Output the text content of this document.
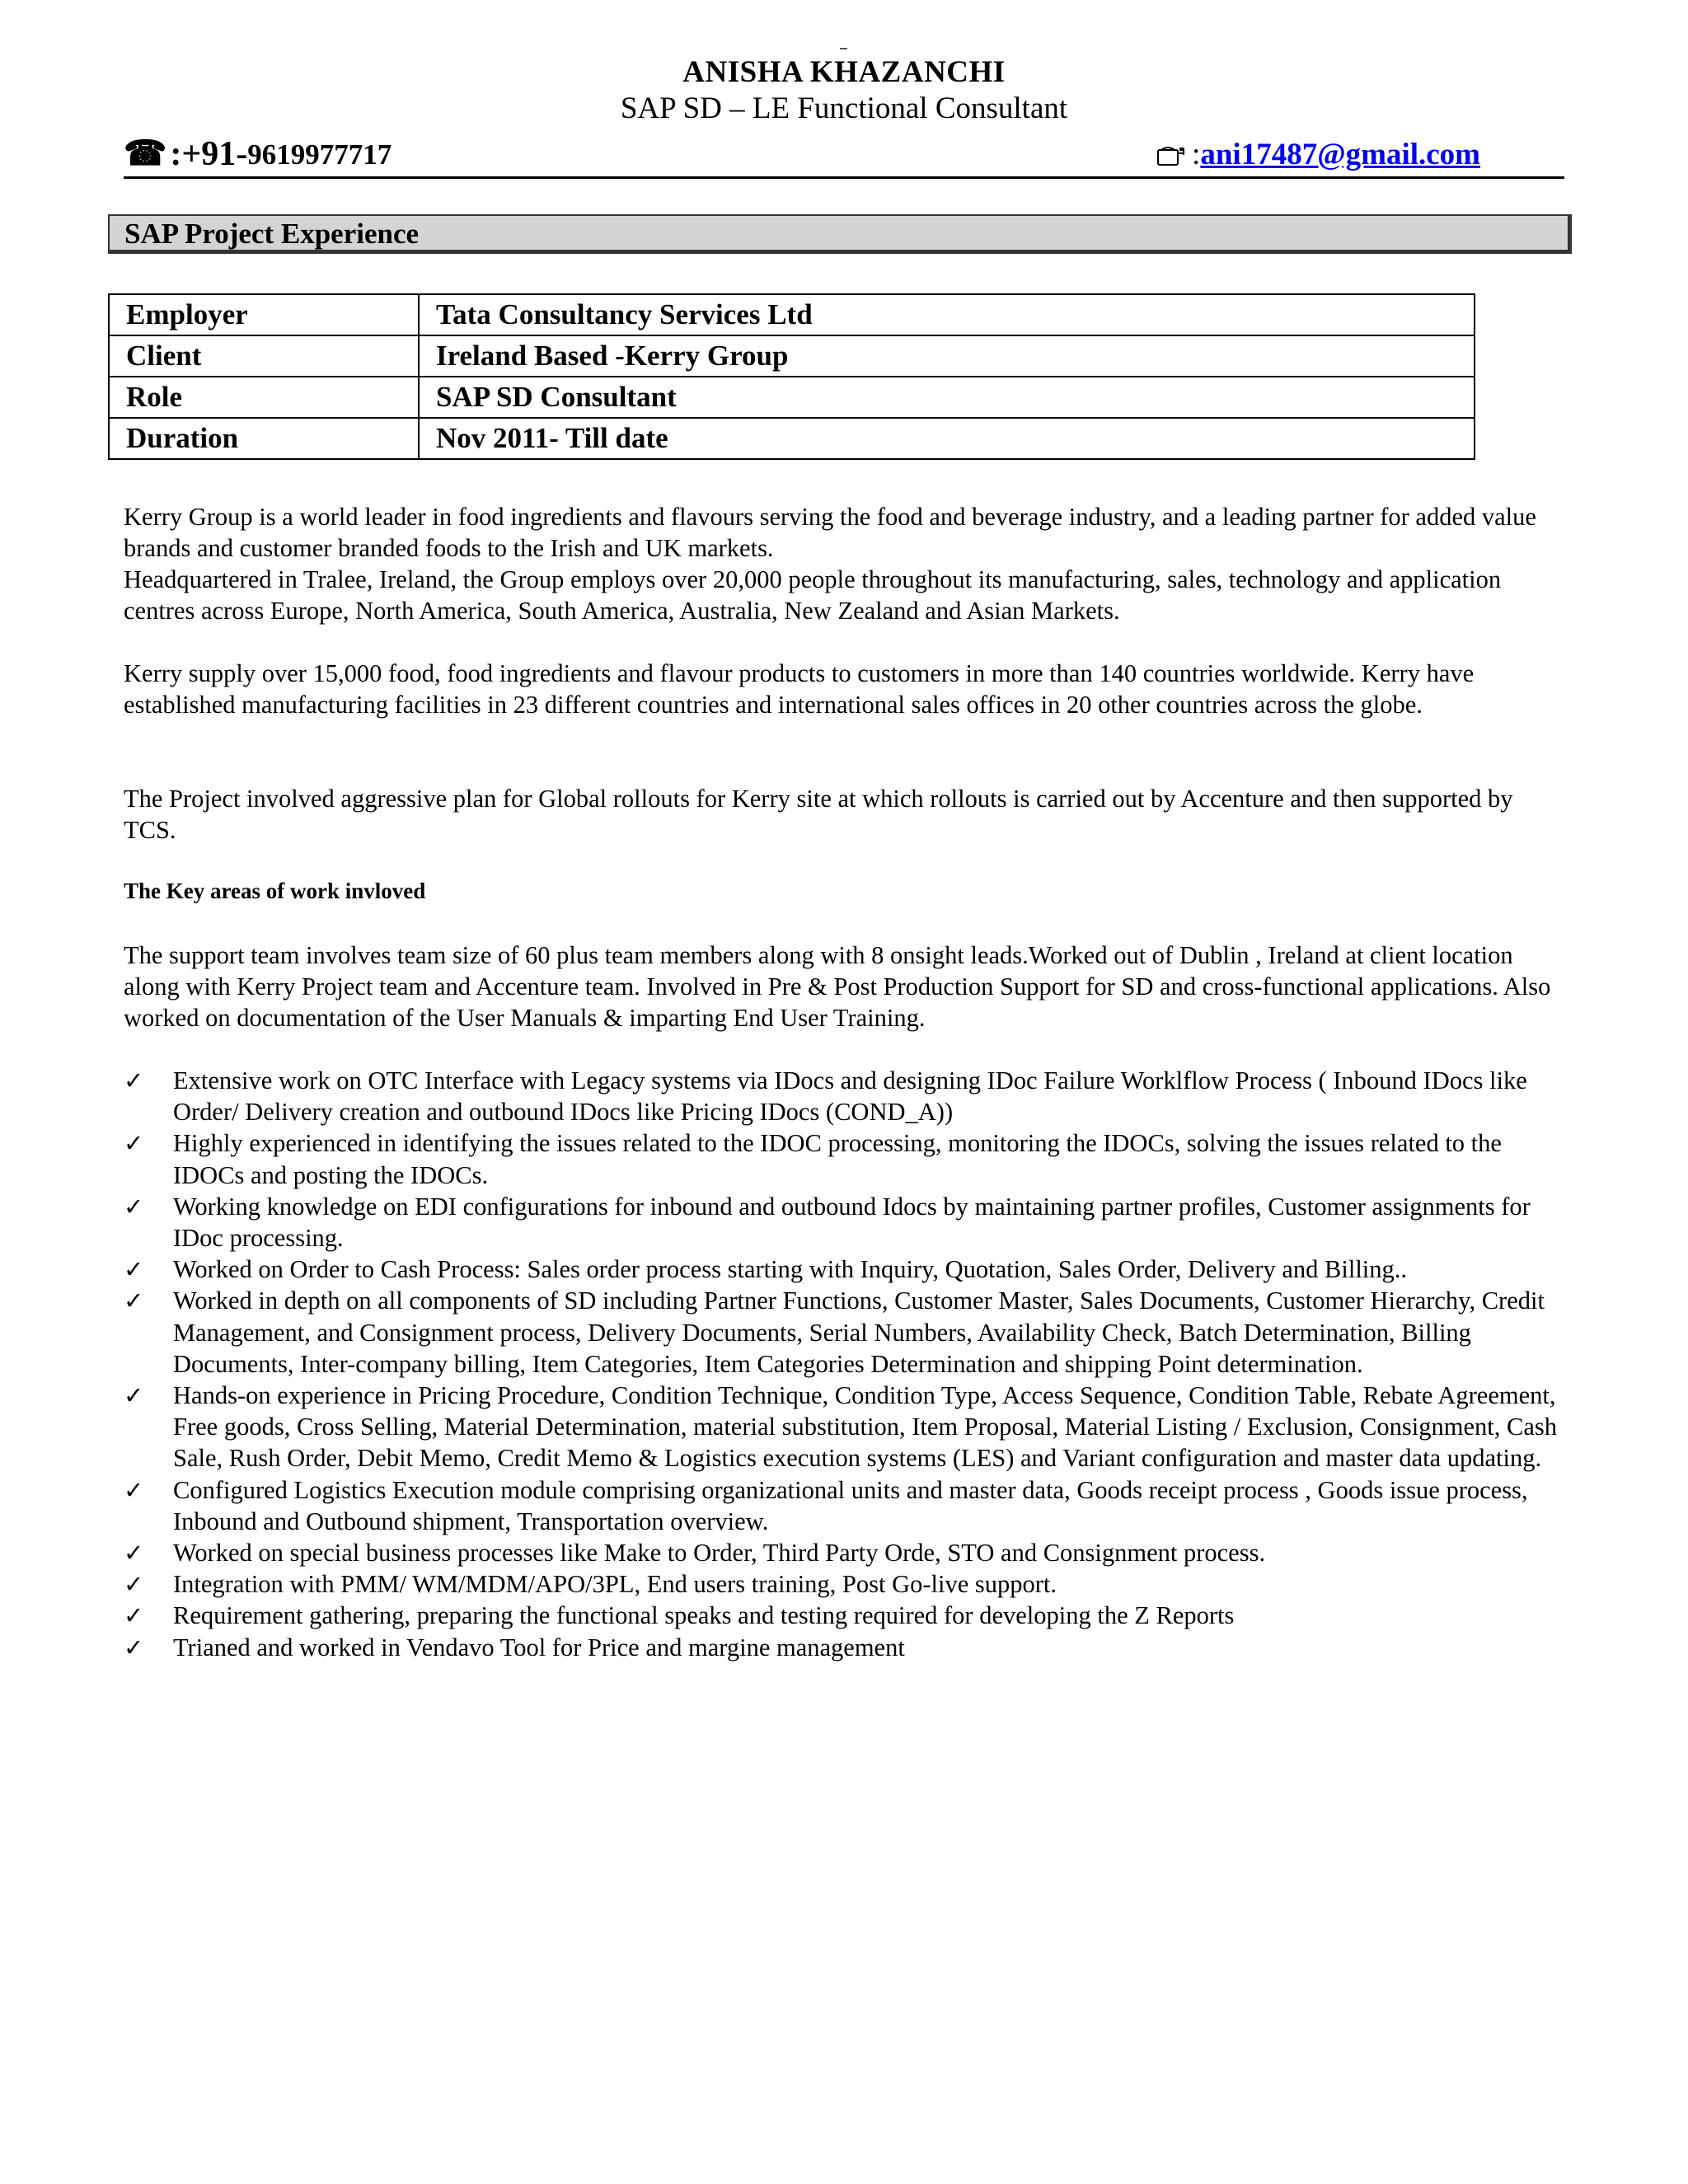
ANISHA KHAZANCHI
SAP SD – LE Functional Consultant
☎ :+91- 9619977717	: ani17487@gmail.com
SAP Project Experience
Employer	Tata Consultancy Services Ltd
Client	Ireland Based -Kerry Group
Role	SAP SD Consultant
Duration	Nov 2011- Till date

Kerry Group is a world leader in food ingredients and flavours serving the food and beverage industry, and a leading partner for added value brands and customer branded foods to the Irish and UK markets.

Headquartered in Tralee, Ireland, the Group employs over 20,000 people throughout its manufacturing, sales, technology and application centres across Europe, North America, South America, Australia, New Zealand and Asian Markets.

Kerry supply over 15,000 food, food ingredients and flavour products to customers in more than 140 countries worldwide. Kerry have established manufacturing facilities in 23 different countries and international sales offices in 20 other countries across the globe.

The Project involved aggressive plan for Global rollouts for Kerry site at which rollouts is carried out by Accenture and then supported by TCS.

The Key areas of work invloved

The support team involves team size of 60 plus team members along with 8 onsight leads.Worked out of Dublin , Ireland at client location along with Kerry Project team and Accenture team. Involved in Pre & Post Production Support for SD and cross-functional applications. Also worked on documentation of the User Manuals & imparting End User Training.

✓ Extensive work on OTC Interface with Legacy systems via IDocs and designing IDoc Failure Worklflow Process ( Inbound IDocs like Order/ Delivery creation and outbound IDocs like Pricing IDocs (COND_A))
✓ Highly experienced in identifying the issues related to the IDOC processing, monitoring the IDOCs, solving the issues related to the IDOCs and posting the IDOCs.
✓ Working knowledge on EDI configurations for inbound and outbound Idocs by maintaining partner profiles, Customer assignments for IDoc processing.
✓ Worked on Order to Cash Process: Sales order process starting with Inquiry, Quotation, Sales Order, Delivery and Billing..
✓ Worked in depth on all components of SD including Partner Functions, Customer Master, Sales Documents, Customer Hierarchy, Credit Management, and Consignment process, Delivery Documents, Serial Numbers, Availability Check, Batch Determination, Billing Documents, Inter-company billing, Item Categories, Item Categories Determination and shipping Point determination.
✓ Hands-on experience in Pricing Procedure, Condition Technique, Condition Type, Access Sequence, Condition Table, Rebate Agreement, Free goods, Cross Selling, Material Determination, material substitution, Item Proposal, Material Listing / Exclusion, Consignment, Cash Sale, Rush Order, Debit Memo, Credit Memo & Logistics execution systems (LES) and Variant configuration and master data updating.
✓ Configured Logistics Execution module comprising organizational units and master data, Goods receipt process , Goods issue process, Inbound and Outbound shipment, Transportation overview.
✓ Worked on special business processes like Make to Order, Third Party Orde, STO and Consignment process.
✓ Integration with PMM/ WM/MDM/APO/3PL, End users training, Post Go-live support.
✓ Requirement gathering, preparing the functional speaks and testing required for developing the Z Reports
✓ Trianed and worked in Vendavo Tool for Price and margine management
